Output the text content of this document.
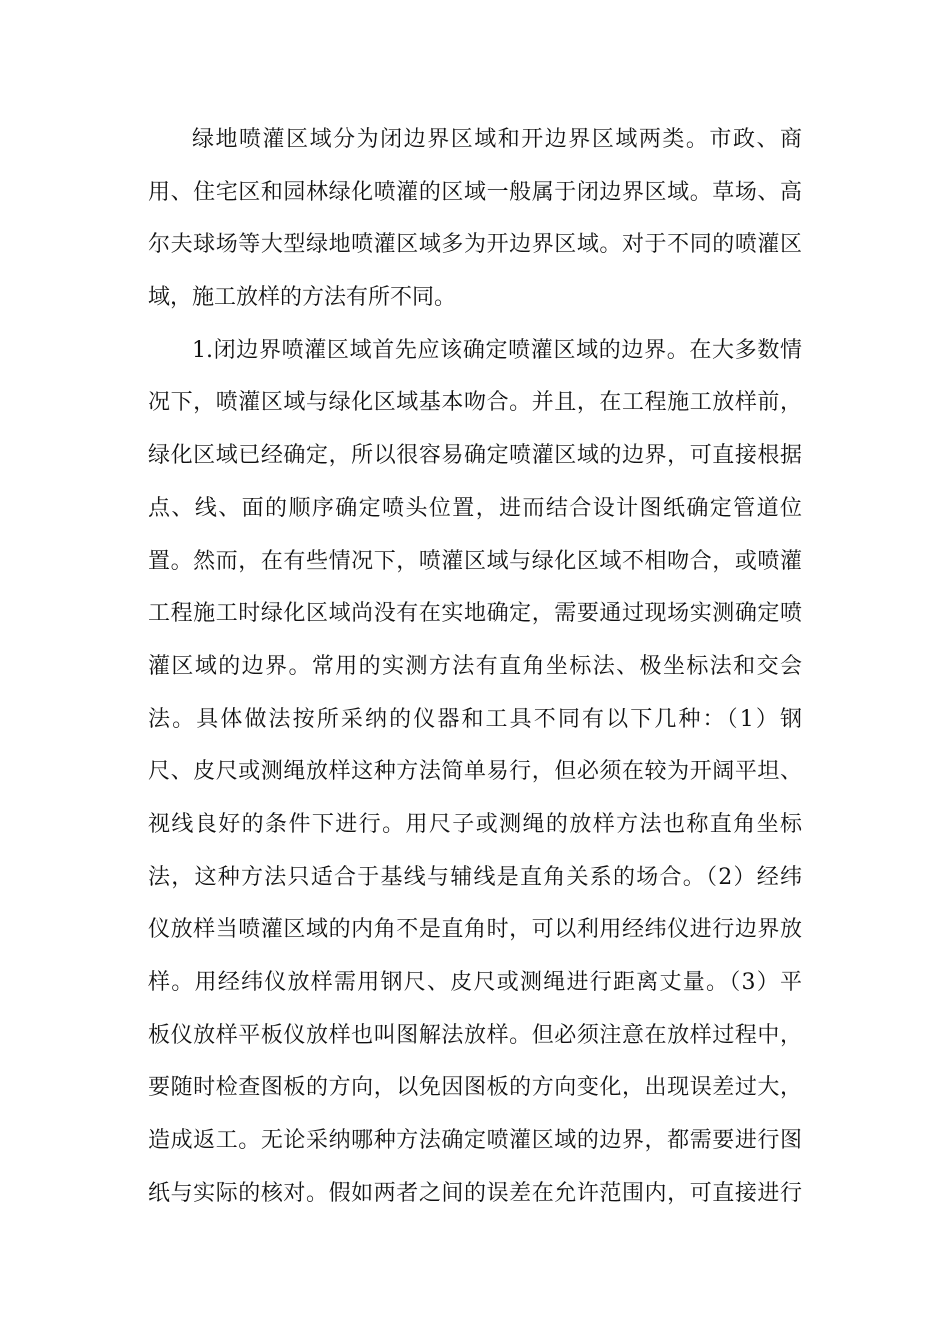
绿地喷灌区域分为闭边界区域和开边界区域两类。市政、商
用、住宅区和园林绿化喷灌的区域一般属于闭边界区域。草场、高
尔夫球场等大型绿地喷灌区域多为开边界区域。对于不同的喷灌区
域，施工放样的方法有所不同。
1.闭边界喷灌区域首先应该确定喷灌区域的边界。在大多数情
况下，喷灌区域与绿化区域基本吻合。并且，在工程施工放样前，
绿化区域已经确定，所以很容易确定喷灌区域的边界，可直接根据
点、线、面的顺序确定喷头位置，进而结合设计图纸确定管道位
置。然而，在有些情况下，喷灌区域与绿化区域不相吻合，或喷灌
工程施工时绿化区域尚没有在实地确定，需要通过现场实测确定喷
灌区域的边界。常用的实测方法有直角坐标法、极坐标法和交会
法。具体做法按所采纳的仪器和工具不同有以下几种：（1）钢
尺、皮尺或测绳放样这种方法简单易行，但必须在较为开阔平坦、
视线良好的条件下进行。用尺子或测绳的放样方法也称直角坐标
法，这种方法只适合于基线与辅线是直角关系的场合。（2）经纬
仪放样当喷灌区域的内角不是直角时，可以利用经纬仪进行边界放
样。用经纬仪放样需用钢尺、皮尺或测绳进行距离丈量。（3）平
板仪放样平板仪放样也叫图解法放样。但必须注意在放样过程中，
要随时检查图板的方向，以免因图板的方向变化，出现误差过大，
造成返工。无论采纳哪种方法确定喷灌区域的边界，都需要进行图
纸与实际的核对。假如两者之间的误差在允许范围内，可直接进行
